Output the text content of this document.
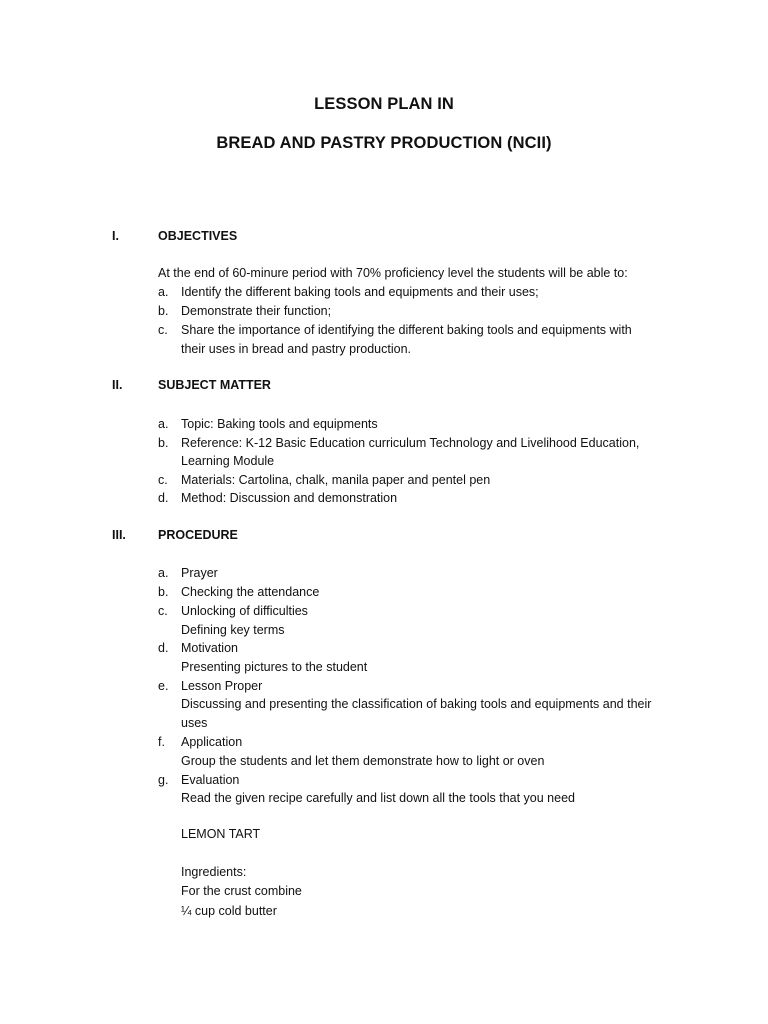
LESSON PLAN IN
BREAD AND PASTRY PRODUCTION (NCII)
I.	OBJECTIVES
At the end of 60-minure period with 70% proficiency level the students will be able to:
a. Identify the different baking tools and equipments and their uses;
b. Demonstrate their function;
c. Share the importance of identifying the different baking tools and equipments with
their uses in bread and pastry production.
II.	SUBJECT MATTER
a. Topic: Baking tools and equipments
b. Reference: K-12 Basic Education curriculum Technology and Livelihood Education,
Learning Module
c. Materials: Cartolina, chalk, manila paper and pentel pen
d. Method: Discussion and demonstration
III.	PROCEDURE
a. Prayer
b. Checking the attendance
c. Unlocking of difficulties
Defining key terms
d. Motivation
Presenting pictures to the student
e. Lesson Proper
Discussing and presenting the classification of baking tools and equipments and their
uses
f. Application
Group the students and let them demonstrate how to light or oven
g. Evaluation
Read the given recipe carefully and list down all the tools that you need
LEMON TART
Ingredients:
For the crust combine
¼ cup cold butter
